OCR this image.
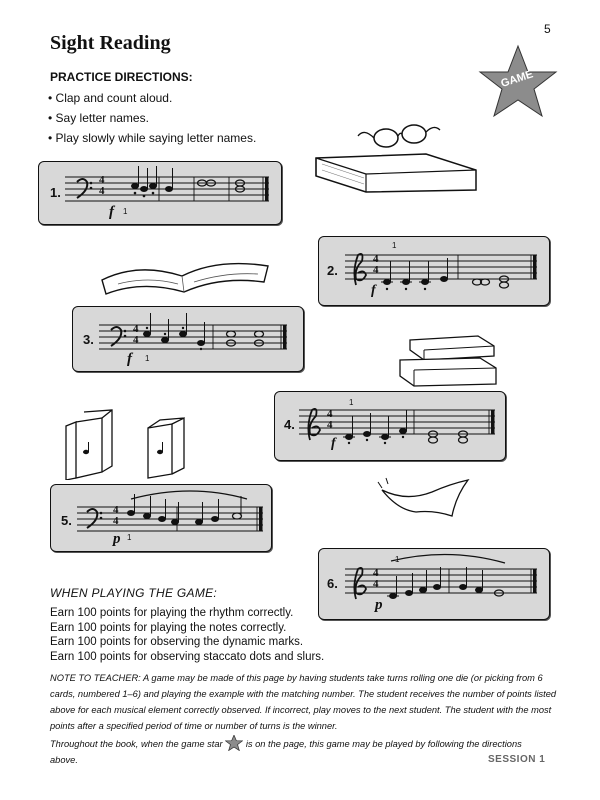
5
Sight Reading
GAME
PRACTICE DIRECTIONS:
• Clap and count aloud.
• Say letter names.
• Play slowly while saying letter names.
1.
4
4
f 1
2.
4
4
f
1
3.
4
4
f 1
4.
4
4
f
1
5.
4
4
p 1
6.
4
4
p
1
WHEN PLAYING THE GAME:
Earn 100 points for playing the rhythm correctly.
Earn 100 points for playing the notes correctly.
Earn 100 points for observing the dynamic marks.
Earn 100 points for observing staccato dots and slurs.
NOTE TO TEACHER: A game may be made of this page by having students take turns rolling one die (or picking from 6 cards, numbered 1–6) and playing the example with the matching number. The student receives the number of points listed above for each musical element correctly observed. If incorrect, play moves to the next student. The student with the most points after a specified period of time or number of turns is the winner.
Throughout the book, when the game star is on the page, this game may be played by following the directions above.	SESSION 1
